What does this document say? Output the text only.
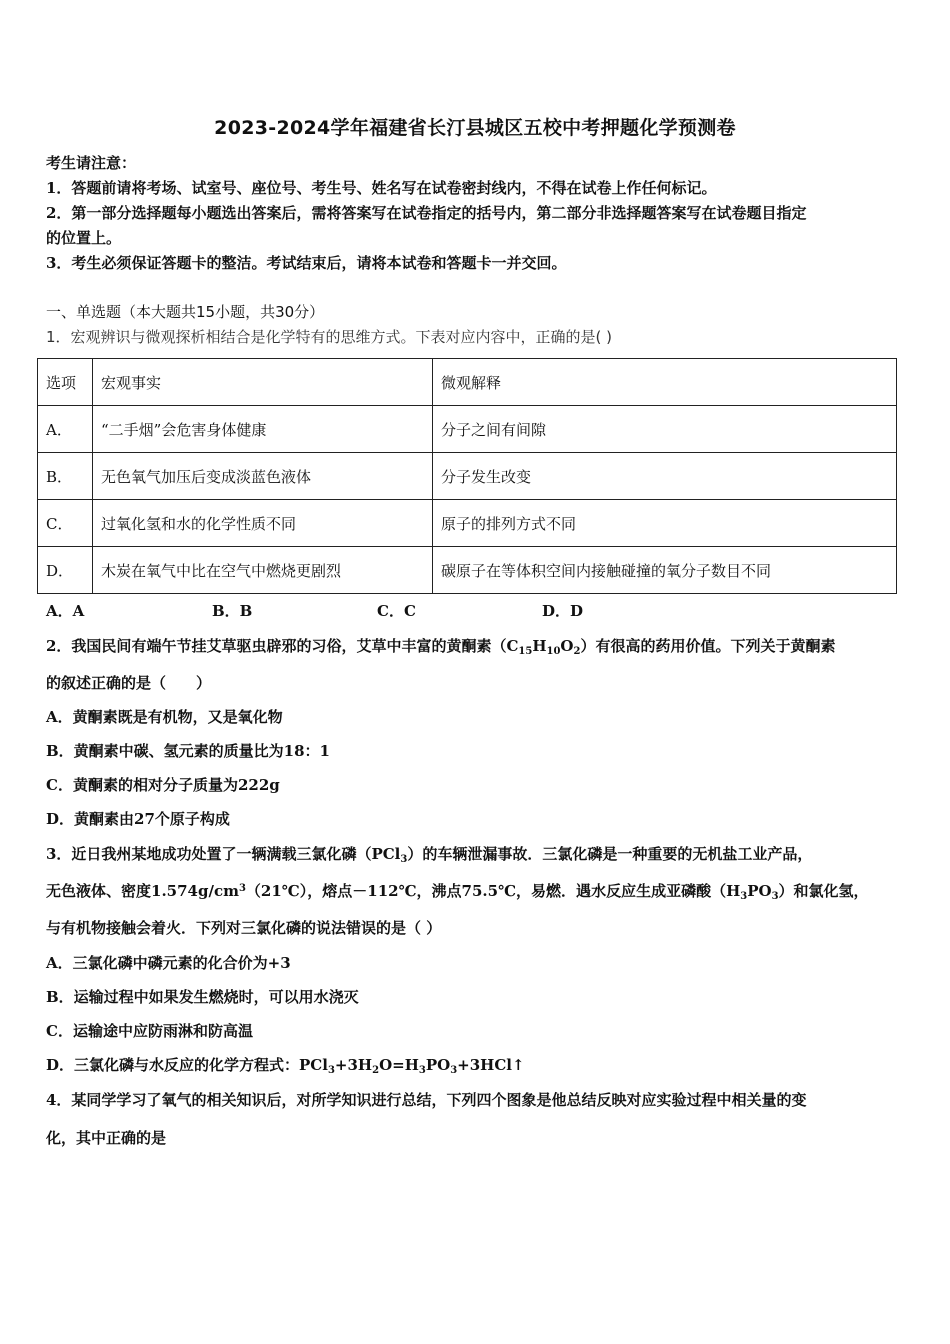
2023-2024学年福建省长汀县城区五校中考押题化学预测卷
考生请注意：
1．答题前请将考场、试室号、座位号、考生号、姓名写在试卷密封线内，不得在试卷上作任何标记。
2．第一部分选择题每小题选出答案后，需将答案写在试卷指定的括号内，第二部分非选择题答案写在试卷题目指定
的位置上。
3．考生必须保证答题卡的整洁。考试结束后，请将本试卷和答题卡一并交回。
一、单选题（本大题共15小题，共30分）
1．宏观辨识与微观探析相结合是化学特有的思维方式。下表对应内容中，正确的是( )
选项	宏观事实	微观解释
A．	“二手烟”会危害身体健康	分子之间有间隙
B．	无色氧气加压后变成淡蓝色液体	分子发生改变
C．	过氧化氢和水的化学性质不同	原子的排列方式不同
D．	木炭在氧气中比在空气中燃烧更剧烈	碳原子在等体积空间内接触碰撞的氧分子数目不同
A．A	B．B	C．C	D．D
2．我国民间有端午节挂艾草驱虫辟邪的习俗，艾草中丰富的黄酮素$(C_{15}H_{10}O_2)$有很高的药用价值。下列关于黄酮素
的叙述正确的是（　　）
A．黄酮素既是有机物，又是氧化物
B．黄酮素中碳、氢元素的质量比为18：1
C．黄酮素的相对分子质量为222g
D．黄酮素由27个原子构成
3．近日我州某地成功处置了一辆满载三氯化磷（PCl$_3$）的车辆泄漏事故．三氯化磷是一种重要的无机盐工业产品，
无色液体、密度$1.574g/cm^3(21℃)$，熔点－112℃，沸点75.5℃，易燃．遇水反应生成亚磷酸$(H_3PO_3)$和氯化氢，
与有机物接触会着火．下列对三氯化磷的说法错误的是（ ）
A．三氯化磷中磷元素的化合价为+3
B．运输过程中如果发生燃烧时，可以用水浇灭
C．运输途中应防雨淋和防高温
D．三氯化磷与水反应的化学方程式：$PCl_3+3H_2O=H_3PO_3+3HCl↑$
4．某同学学习了氧气的相关知识后，对所学知识进行总结，下列四个图象是他总结反映对应实验过程中相关量的变
化，其中正确的是
